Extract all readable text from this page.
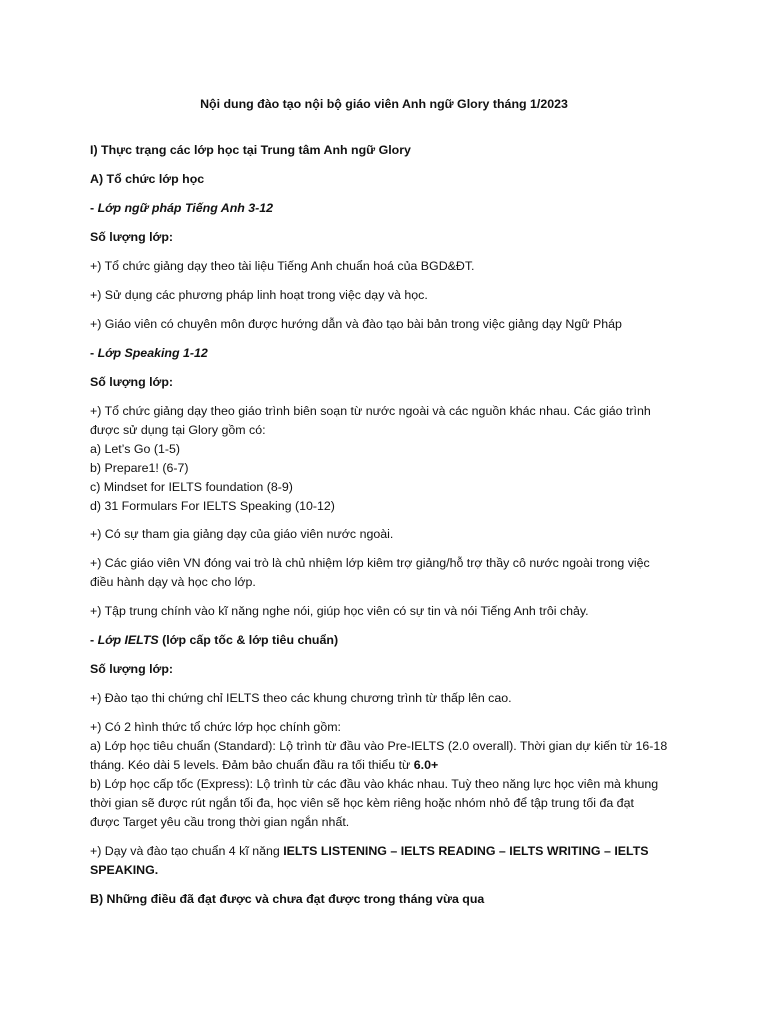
Nội dung đào tạo nội bộ giáo viên Anh ngữ Glory tháng 1/2023
I) Thực trạng các lớp học tại Trung tâm Anh ngữ Glory
A) Tổ chức lớp học
- Lớp ngữ pháp Tiếng Anh 3-12
Số lượng lớp:
+) Tổ chức giảng dạy theo tài liệu Tiếng Anh chuẩn hoá của BGD&ĐT.
+) Sử dụng các phương pháp linh hoạt trong việc dạy và học.
+) Giáo viên có chuyên môn được hướng dẫn và đào tạo bài bản trong việc giảng dạy Ngữ Pháp
- Lớp Speaking 1-12
Số lượng lớp:
+) Tổ chức giảng dạy theo giáo trình biên soạn từ nước ngoài và các nguồn khác nhau. Các giáo trình
được sử dụng tại Glory gồm có:
a) Let’s Go (1-5)
b) Prepare1! (6-7)
c) Mindset for IELTS foundation (8-9)
d) 31 Formulars For IELTS Speaking (10-12)
+) Có sự tham gia giảng dạy của giáo viên nước ngoài.
+) Các giáo viên VN đóng vai trò là chủ nhiệm lớp kiêm trợ giảng/hỗ trợ thầy cô nước ngoài trong việc
điều hành dạy và học cho lớp.
+) Tập trung chính vào kĩ năng nghe nói, giúp học viên có sự tin và nói Tiếng Anh trôi chảy.
- Lớp IELTS (lớp cấp tốc & lớp tiêu chuẩn)
Số lượng lớp:
+) Đào tạo thi chứng chỉ IELTS theo các khung chương trình từ thấp lên cao.
+) Có 2 hình thức tổ chức lớp học chính gồm:
a) Lớp học tiêu chuẩn (Standard): Lộ trình từ đầu vào Pre-IELTS (2.0 overall). Thời gian dự kiến từ 16-18
tháng. Kéo dài 5 levels. Đảm bảo chuẩn đầu ra tối thiểu từ 6.0+
b) Lớp học cấp tốc (Express): Lộ trình từ các đầu vào khác nhau. Tuỳ theo năng lực học viên mà khung
thời gian sẽ được rút ngắn tối đa, học viên sẽ học kèm riêng hoặc nhóm nhỏ để tập trung tối đa đạt
được Target yêu cầu trong thời gian ngắn nhất.
+) Dạy và đào tạo chuẩn 4 kĩ năng IELTS LISTENING – IELTS READING – IELTS WRITING – IELTS
SPEAKING.
B) Những điều đã đạt được và chưa đạt được trong tháng vừa qua
